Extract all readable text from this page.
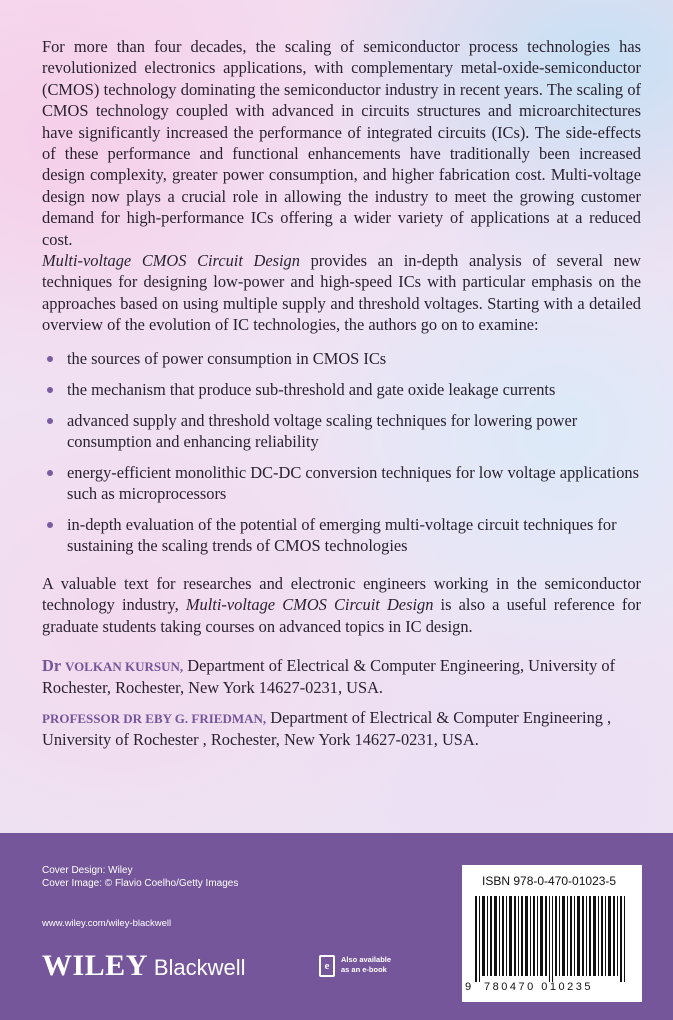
For more than four decades, the scaling of semiconductor process technologies has revolutionized electronics applications, with complementary metal-oxide-semiconductor (CMOS) technology dominating the semiconductor industry in recent years. The scaling of CMOS technology coupled with advanced in circuits structures and microarchitectures have significantly increased the performance of integrated circuits (ICs). The side-effects of these performance and functional enhancements have traditionally been increased design complexity, greater power consumption, and higher fabrication cost. Multi-voltage design now plays a crucial role in allowing the industry to meet the growing customer demand for high-performance ICs offering a wider variety of applications at a reduced cost.

Multi-voltage CMOS Circuit Design provides an in-depth analysis of several new techniques for designing low-power and high-speed ICs with particular emphasis on the approaches based on using multiple supply and threshold voltages. Starting with a detailed overview of the evolution of IC technologies, the authors go on to examine:

the sources of power consumption in CMOS ICs
the mechanism that produce sub-threshold and gate oxide leakage currents
advanced supply and threshold voltage scaling techniques for lowering power consumption and enhancing reliability
energy-efficient monolithic DC-DC conversion techniques for low voltage applications such as microprocessors
in-depth evaluation of the potential of emerging multi-voltage circuit techniques for sustaining the scaling trends of CMOS technologies

A valuable text for researches and electronic engineers working in the semiconductor technology industry, Multi-voltage CMOS Circuit Design is also a useful reference for graduate students taking courses on advanced topics in IC design.

Dr VOLKAN KURSUN, Department of Electrical & Computer Engineering, University of Rochester, Rochester, New York 14627-0231, USA.

PROFESSOR DR EBY G. FRIEDMAN, Department of Electrical & Computer Engineering , University of Rochester , Rochester, New York 14627-0231, USA.

Cover Design: Wiley
Cover Image: © Flavio Coelho/Getty Images
www.wiley.com/wiley-blackwell
WILEY Blackwell	e
Also available
as an e-book
ISBN 978-0-470-01023-5
9 780470 010235
